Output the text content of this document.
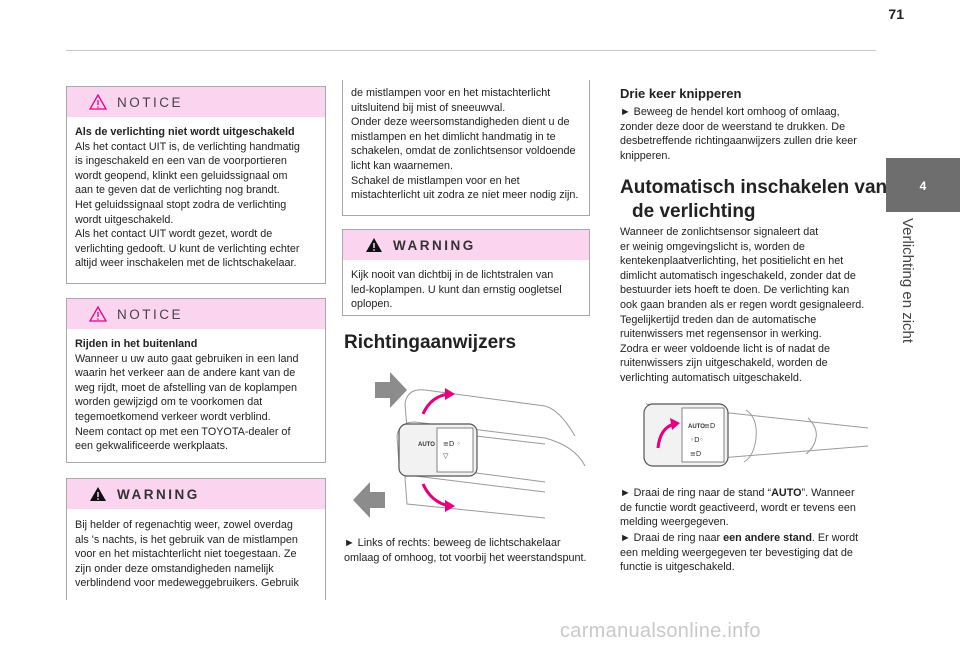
71
4
Verlichting en zicht
NOTICE
Als de verlichting niet wordt uitgeschakeld

Als het contact UIT is, de verlichting handmatig
is ingeschakeld en een van de voorportieren
wordt geopend, klinkt een geluidssignaal om
aan te geven dat de verlichting nog brandt.
Het geluidssignaal stopt zodra de verlichting
wordt uitgeschakeld.
Als het contact UIT wordt gezet, wordt de
verlichting gedooft. U kunt de verlichting echter
altijd weer inschakelen met de lichtschakelaar.

NOTICE
Rijden in het buitenland

Wanneer u uw auto gaat gebruiken in een land
waarin het verkeer aan de andere kant van de
weg rijdt, moet de afstelling van de koplampen
worden gewijzigd om te voorkomen dat
tegemoetkomend verkeer wordt verblind.
Neem contact op met een TOYOTA-dealer of
een gekwalificeerde werkplaats.

WARNING

Bij helder of regenachtig weer, zowel overdag
als 's nachts, is het gebruik van de mistlampen
voor en het mistachterlicht niet toegestaan. Ze
zijn onder deze omstandigheden namelijk
verblindend voor medeweggebruikers. Gebruik

de mistlampen voor en het mistachterlicht
uitsluitend bij mist of sneeuwval.
Onder deze weersomstandigheden dient u de
mistlampen en het dimlicht handmatig in te
schakelen, omdat de zonlichtsensor voldoende
licht kan waarnemen.
Schakel de mistlampen voor en het
mistachterlicht uit zodra ze niet meer nodig zijn.

WARNING

Kijk nooit van dichtbij in de lichtstralen van
led-koplampen. U kunt dan ernstig oogletsel
oplopen.

Richtingaanwijzers
AUTO ≡D ◦
▽
► Links of rechts: beweeg de lichtschakelaar
omlaag of omhoog, tot voorbij het weerstandspunt.
Drie keer knipperen
► Beweeg de hendel kort omhoog of omlaag,
zonder deze door de weerstand te drukken. De
desbetreffende richtingaanwijzers zullen drie keer
knipperen.
Automatisch inschakelen van
de verlichting
Wanneer de zonlichtsensor signaleert dat
er weinig omgevingslicht is, worden de
kentekenplaatverlichting, het positielicht en het
dimlicht automatisch ingeschakeld, zonder dat de
bestuurder iets hoeft te doen. De verlichting kan
ook gaan branden als er regen wordt gesignaleerd.
Tegelijkertijd treden dan de automatische
ruitenwissers met regensensor in werking.
Zodra er weer voldoende licht is of nadat de
ruitenwissers zijn uitgeschakeld, worden de
verlichting automatisch uitgeschakeld.
AUTO ≡D
◦D◦
≡D
► Draai de ring naar de stand “AUTO”. Wanneer
de functie wordt geactiveerd, wordt er tevens een
melding weergegeven.
► Draai de ring naar een andere stand. Er wordt
een melding weergegeven ter bevestiging dat de
functie is uitgeschakeld.
carmanualsonline.info
